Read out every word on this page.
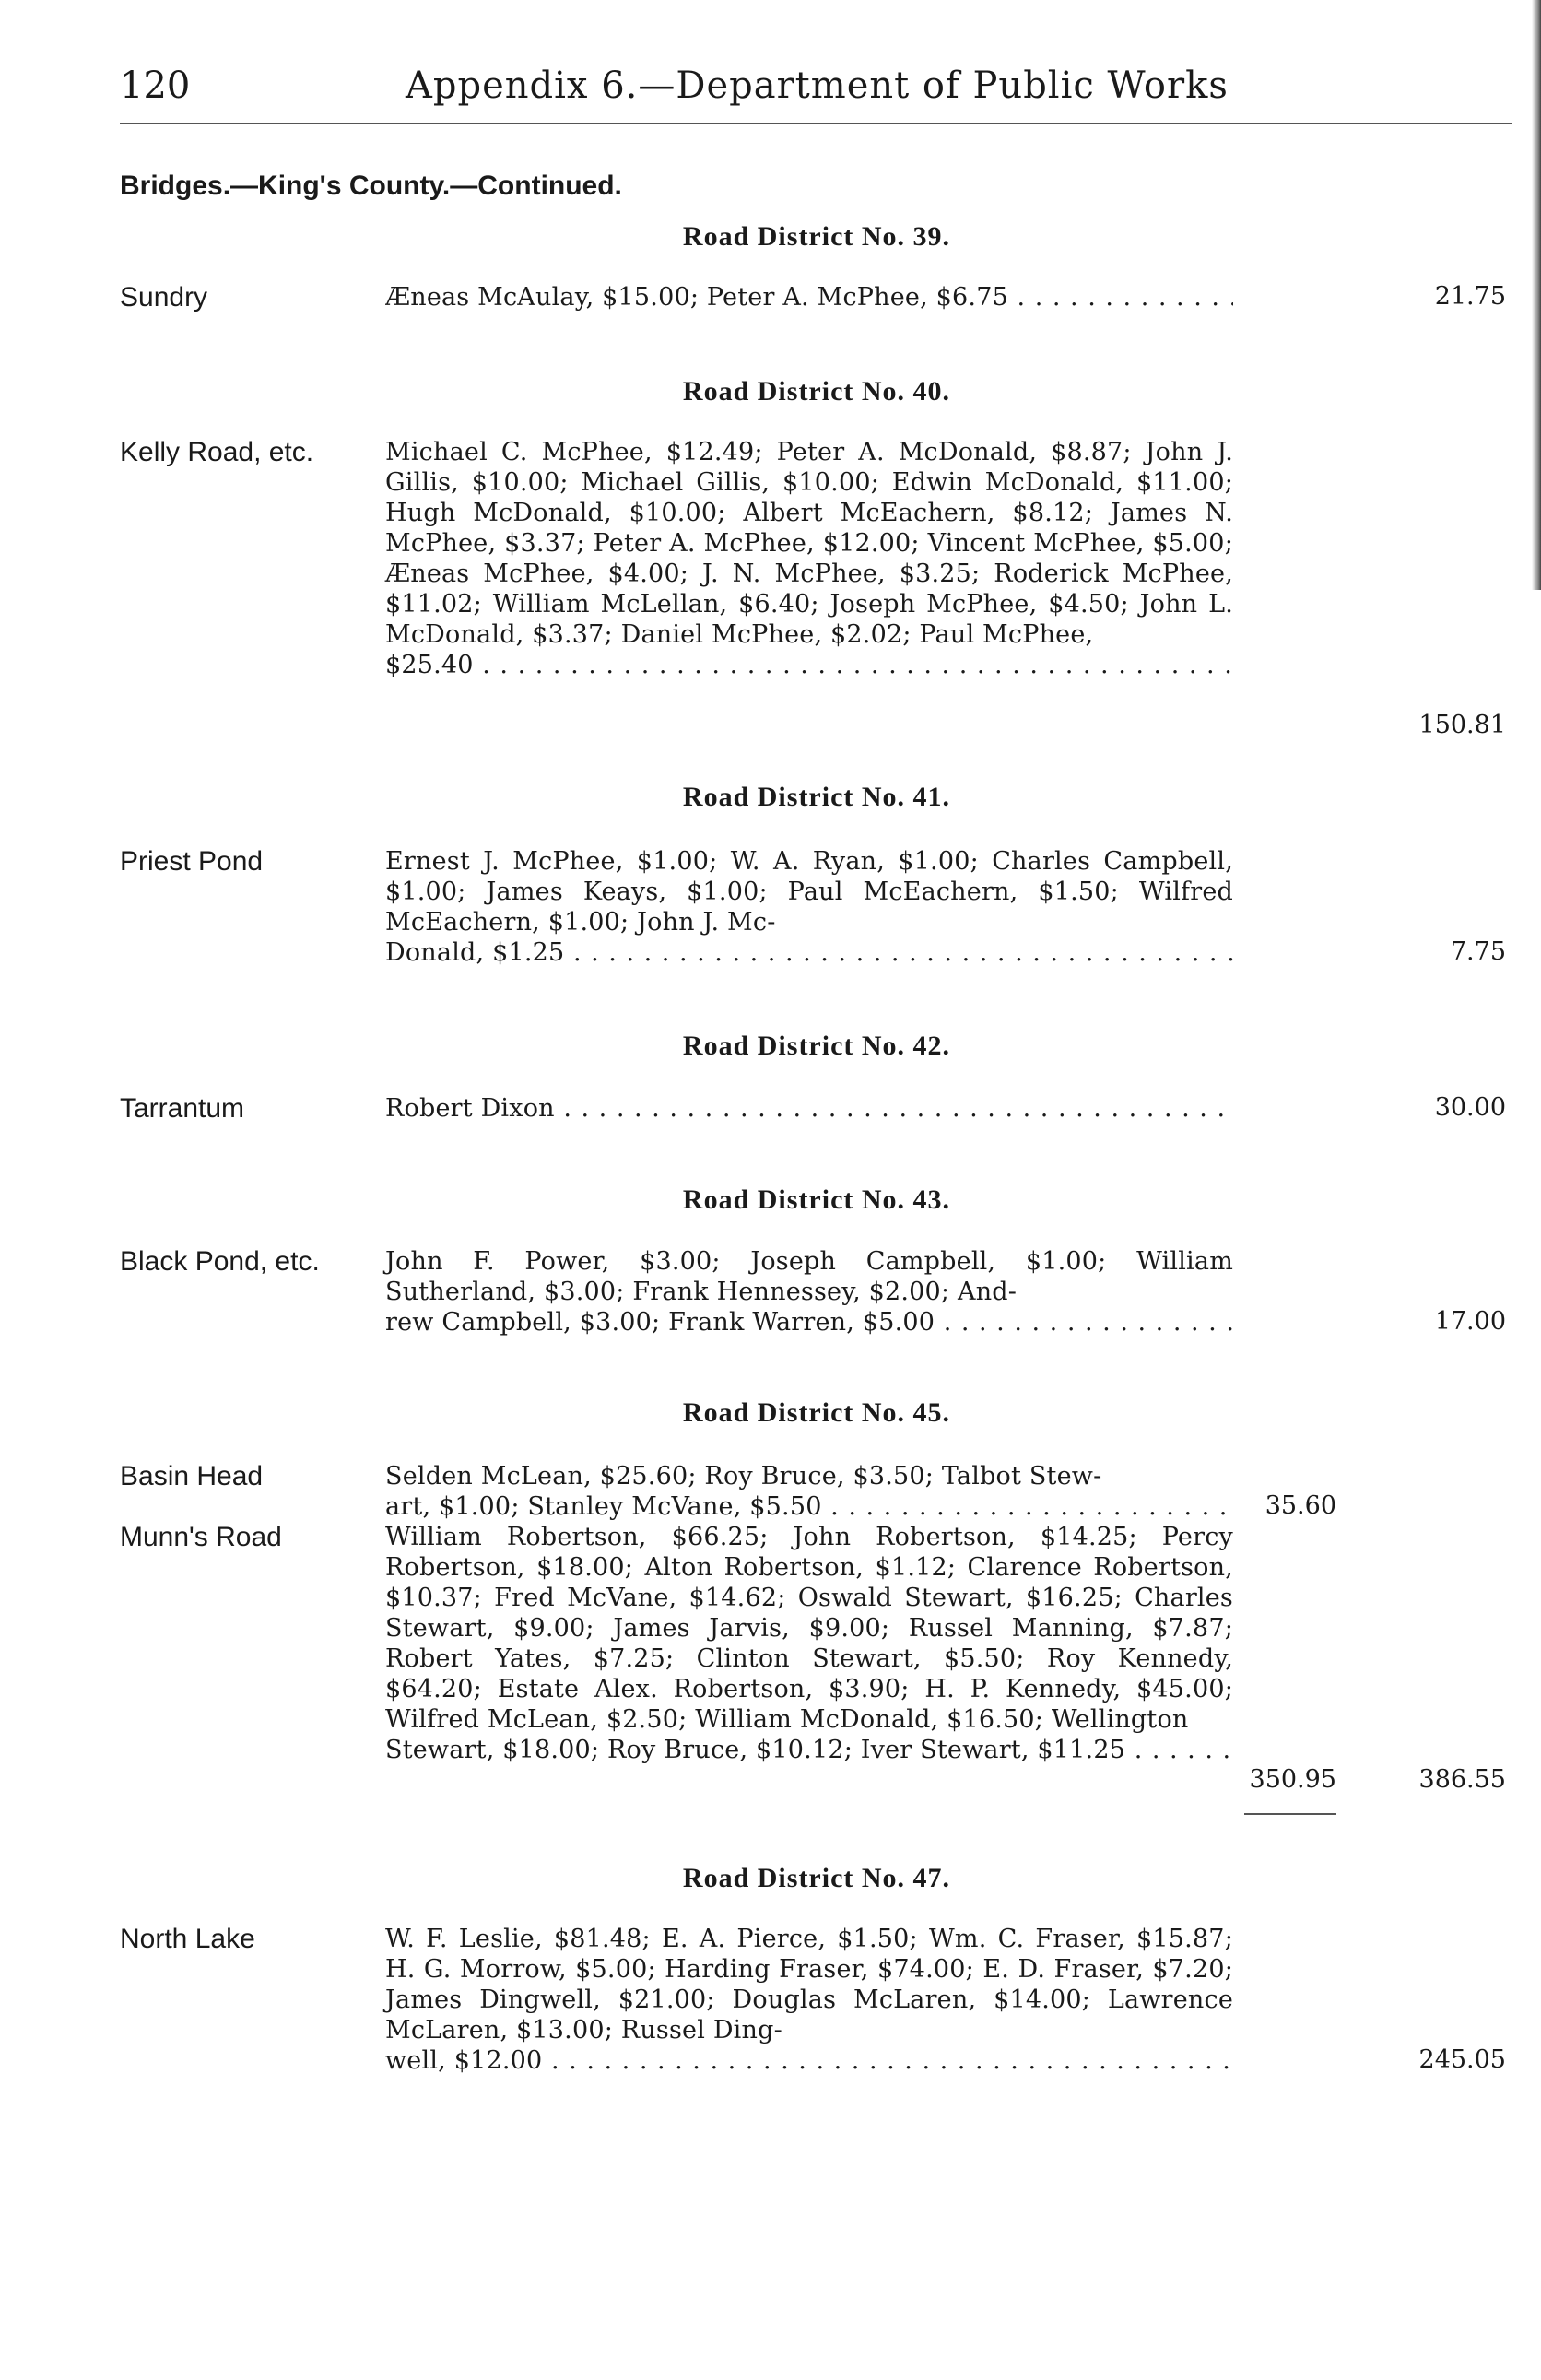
120	Appendix 6.—Department of Public Works
Bridges.—King's County.—Continued.
Road District No. 39.
Sundry	Æneas McAulay, $15.00; Peter A. McPhee, $6.75 . . .	21.75
Road District No. 40.
Kelly Road, etc.	Michael C. McPhee, $12.49; Peter A. McDonald, $8.87; John J. Gillis, $10.00; Michael Gillis, $10.00; Edwin McDonald, $11.00; Hugh McDonald, $10.00; Albert McEachern, $8.12; James N. McPhee, $3.37; Peter A. McPhee, $12.00; Vincent McPhee, $5.00; Æneas McPhee, $4.00; J. N. McPhee, $3.25; Roderick McPhee, $11.02; William McLellan, $6.40; Joseph McPhee, $4.50; John L. McDonald, $3.37; Daniel McPhee, $2.02; Paul McPhee,
$25.40 . . .
150.81
Road District No. 41.
Priest Pond	Ernest J. McPhee, $1.00; W. A. Ryan, $1.00; Charles Campbell, $1.00; James Keays, $1.00; Paul McEachern, $1.50; Wilfred McEachern, $1.00; John J. Mc-
Donald, $1.25 . . .	7.75
Road District No. 42.
Tarrantum	Robert Dixon . . .	30.00
Road District No. 43.
Black Pond, etc.	John F. Power, $3.00; Joseph Campbell, $1.00; William Sutherland, $3.00; Frank Hennessey, $2.00; And-
rew Campbell, $3.00; Frank Warren, $5.00 . . .	17.00
Road District No. 45.
Basin Head	Selden McLean, $25.60; Roy Bruce, $3.50; Talbot Stew-
art, $1.00; Stanley McVane, $5.50 . . .	35.60
Munn's Road	William Robertson, $66.25; John Robertson, $14.25; Percy Robertson, $18.00; Alton Robertson, $1.12; Clarence Robertson, $10.37; Fred McVane, $14.62; Oswald Stewart, $16.25; Charles Stewart, $9.00; James Jarvis, $9.00; Russel Manning, $7.87; Robert Yates, $7.25; Clinton Stewart, $5.50; Roy Kennedy, $64.20; Estate Alex. Robertson, $3.90; H. P. Kennedy, $45.00; Wilfred McLean, $2.50; William McDonald, $16.50; Wellington
Stewart, $18.00; Roy Bruce, $10.12; Iver Stewart, $11.25 . . .
350.95	386.55
Road District No. 47.
North Lake	W. F. Leslie, $81.48; E. A. Pierce, $1.50; Wm. C. Fraser, $15.87; H. G. Morrow, $5.00; Harding Fraser, $74.00; E. D. Fraser, $7.20; James Dingwell, $21.00; Douglas McLaren, $14.00; Lawrence McLaren, $13.00; Russel Ding-
well, $12.00 . . .	245.05
